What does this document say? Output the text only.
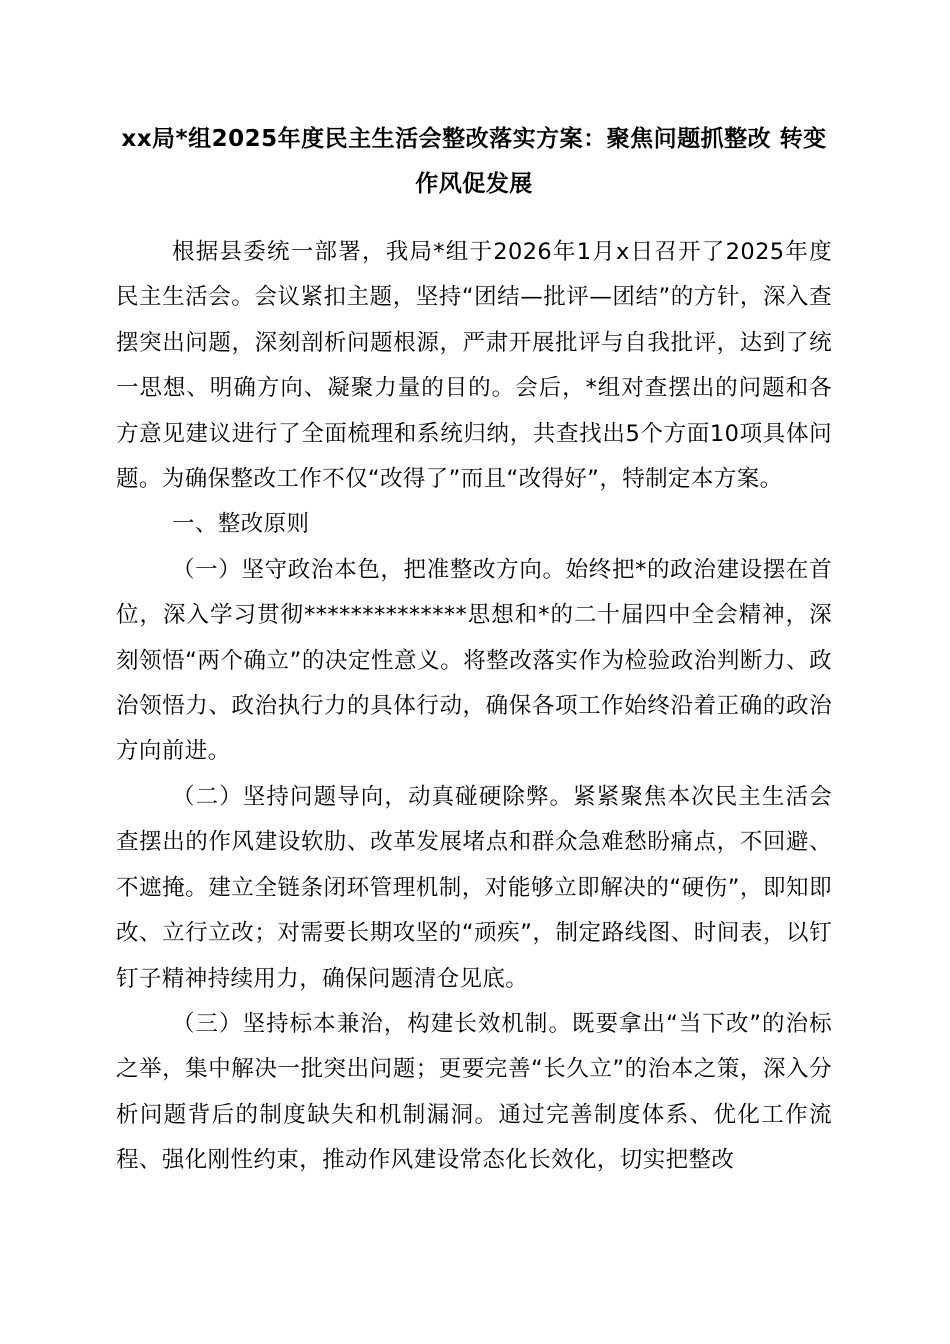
xx局*组2025年度民主生活会整改落实方案：聚焦问题抓整改 转变作风促发展

根据县委统一部署，我局*组于2026年1月x日召开了2025年度民主生活会。会议紧扣主题，坚持“团结—批评—团结”的方针，深入查摆突出问题，深刻剖析问题根源，严肃开展批评与自我批评，达到了统一思想、明确方向、凝聚力量的目的。会后，*组对查摆出的问题和各方意见建议进行了全面梳理和系统归纳，共查找出5个方面10项具体问题。为确保整改工作不仅“改得了”而且“改得好”，特制定本方案。

一、整改原则

（一）坚守政治本色，把准整改方向。始终把*的政治建设摆在首位，深入学习贯彻**************思想和*的二十届四中全会精神，深刻领悟“两个确立”的决定性意义。将整改落实作为检验政治判断力、政治领悟力、政治执行力的具体行动，确保各项工作始终沿着正确的政治方向前进。

（二）坚持问题导向，动真碰硬除弊。紧紧聚焦本次民主生活会查摆出的作风建设软肋、改革发展堵点和群众急难愁盼痛点，不回避、不遮掩。建立全链条闭环管理机制，对能够立即解决的“硬伤”，即知即改、立行立改；对需要长期攻坚的“顽疾”，制定路线图、时间表，以钉钉子精神持续用力，确保问题清仓见底。

（三）坚持标本兼治，构建长效机制。既要拿出“当下改”的治标之举，集中解决一批突出问题；更要完善“长久立”的治本之策，深入分析问题背后的制度缺失和机制漏洞。通过完善制度体系、优化工作流程、强化刚性约束，推动作风建设常态化长效化，切实把整改
